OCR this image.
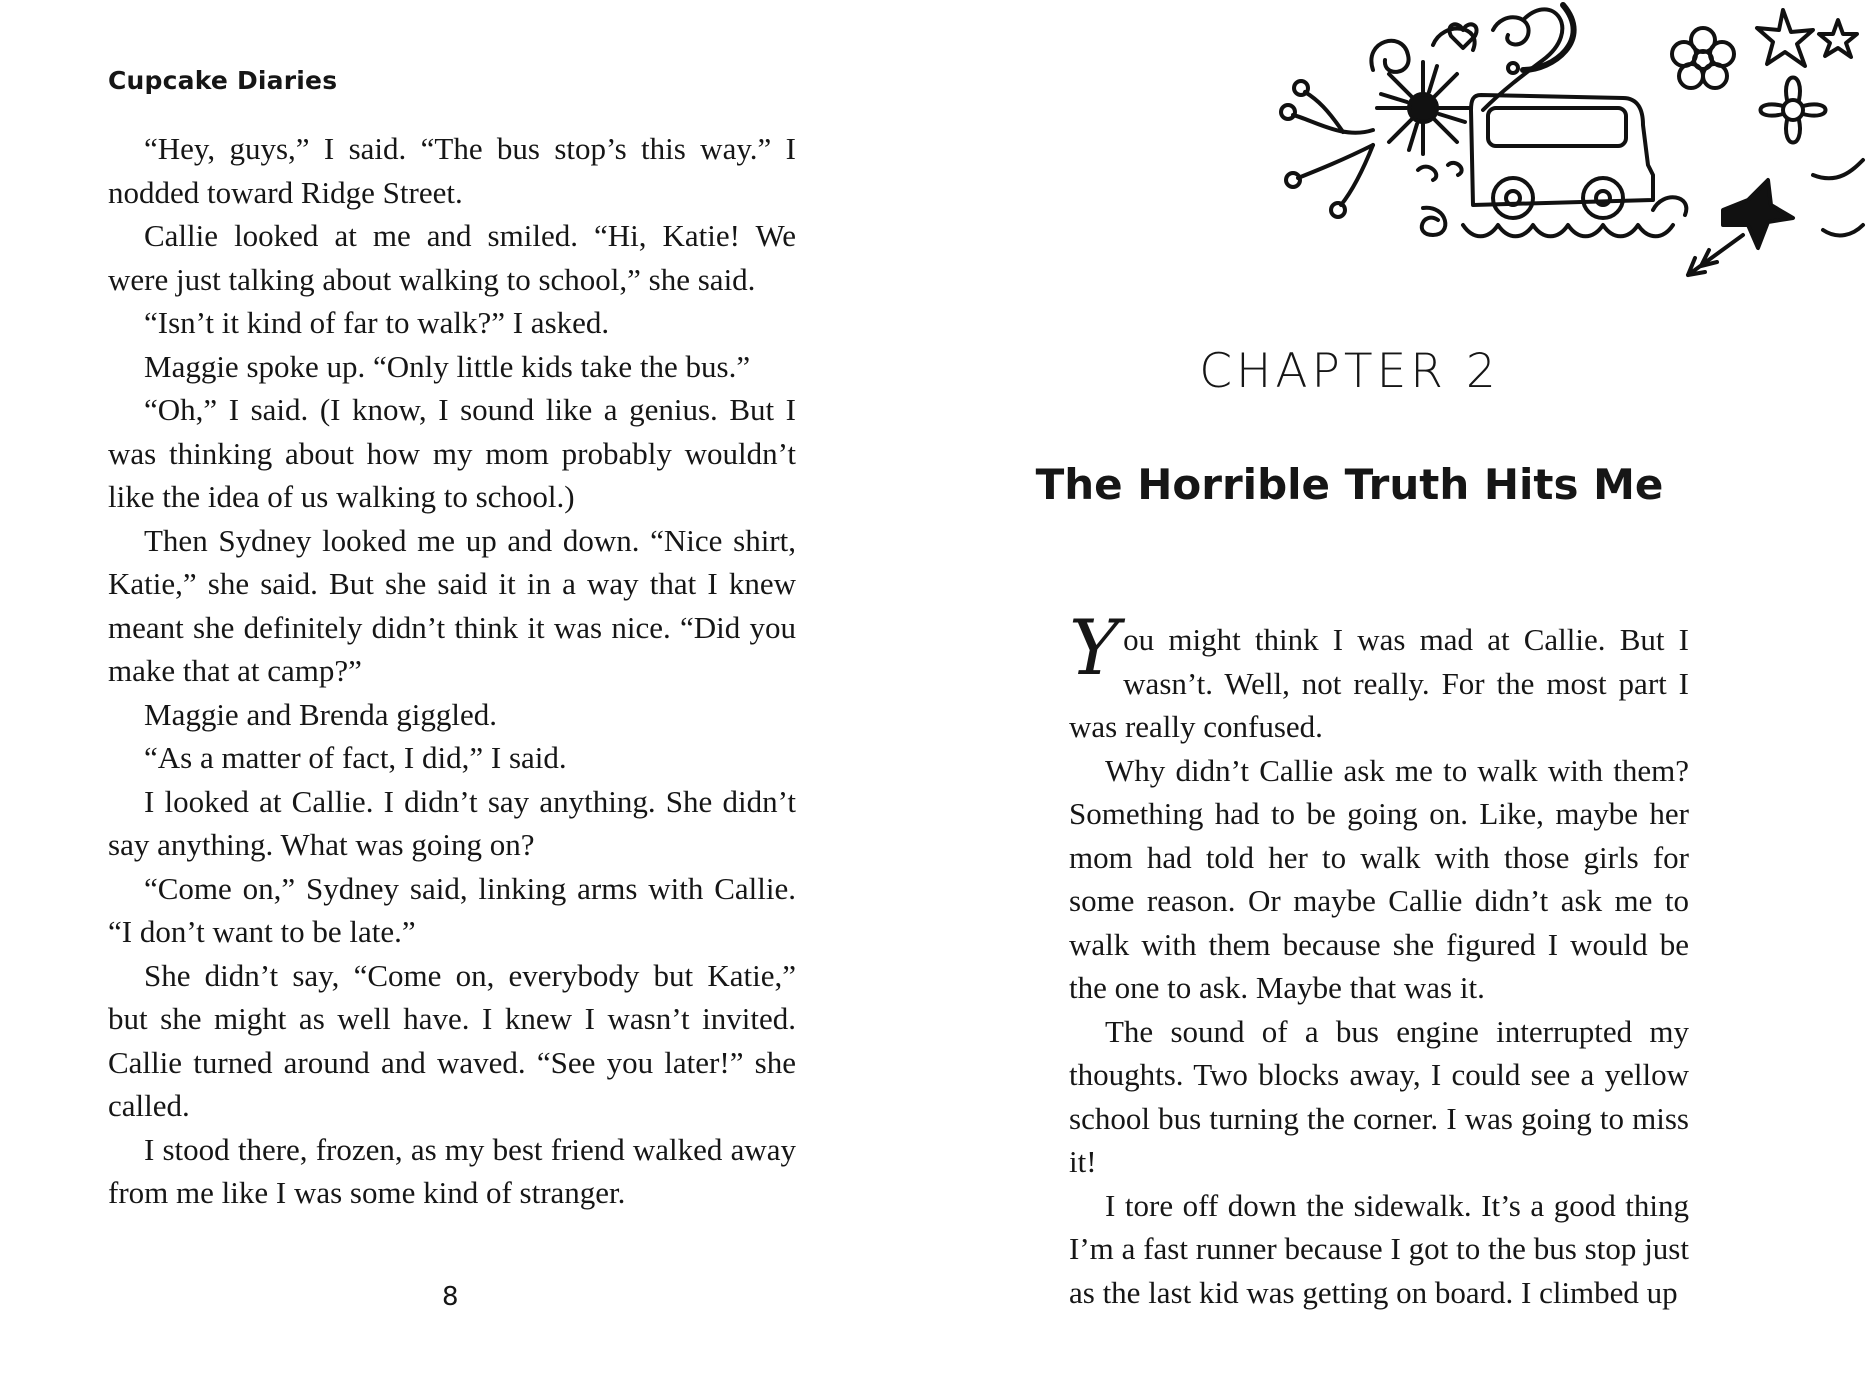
Cupcake Diaries

“Hey, guys,” I said. “The bus stop’s this way.” I nodded toward Ridge Street.

Callie looked at me and smiled. “Hi, Katie! We were just talking about walking to school,” she said.

“Isn’t it kind of far to walk?” I asked.

Maggie spoke up. “Only little kids take the bus.”

“Oh,” I said. (I know, I sound like a genius. But I was thinking about how my mom probably wouldn’t like the idea of us walking to school.)

Then Sydney looked me up and down. “Nice shirt, Katie,” she said. But she said it in a way that I knew meant she definitely didn’t think it was nice. “Did you make that at camp?”

Maggie and Brenda giggled.

“As a matter of fact, I did,” I said.

I looked at Callie. I didn’t say anything. She didn’t say anything. What was going on?

“Come on,” Sydney said, linking arms with Callie. “I don’t want to be late.”

She didn’t say, “Come on, everybody but Katie,” but she might as well have. I knew I wasn’t invited. Callie turned around and waved. “See you later!” she called.

I stood there, frozen, as my best friend walked away from me like I was some kind of stranger.

8
CHAPTER 2
The Horrible Truth Hits Me

You might think I was mad at Callie. But I wasn’t. Well, not really. For the most part I was really confused.

Why didn’t Callie ask me to walk with them? Something had to be going on. Like, maybe her mom had told her to walk with those girls for some reason. Or maybe Callie didn’t ask me to walk with them because she figured I would be the one to ask. Maybe that was it.

The sound of a bus engine interrupted my thoughts. Two blocks away, I could see a yellow school bus turning the corner. I was going to miss it!

I tore off down the sidewalk. It’s a good thing I’m a fast runner because I got to the bus stop just as the last kid was getting on board. I climbed up
